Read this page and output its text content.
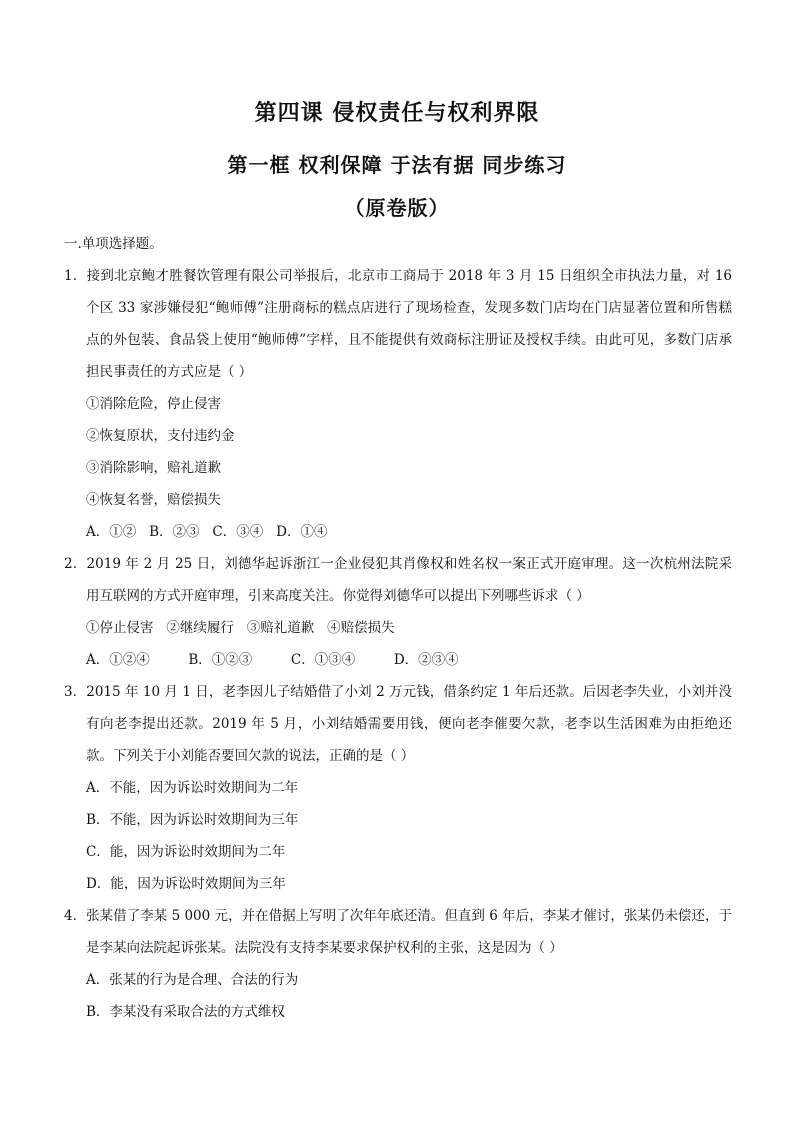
第四课 侵权责任与权利界限
第一框 权利保障 于法有据 同步练习
（原卷版）

一.单项选择题。

1．接到北京鲍才胜餐饮管理有限公司举报后，北京市工商局于 2018 年 3 月 15 日组织全市执法力量，对 16 个区 33 家涉嫌侵犯“鲍师傅”注册商标的糕点店进行了现场检查，发现多数门店均在门店显著位置和所售糕点的外包装、食品袋上使用“鲍师傅”字样，且不能提供有效商标注册证及授权手续。由此可见，多数门店承担民事责任的方式应是（ ）

①消除危险，停止侵害

②恢复原状，支付违约金

③消除影响，赔礼道歉

④恢复名誉，赔偿损失

A．①②   B．②③   C．③④   D．①④

2．2019 年 2 月 25 日，刘德华起诉浙江一企业侵犯其肖像权和姓名权一案正式开庭审理。这一次杭州法院采用互联网的方式开庭审理，引来高度关注。你觉得刘德华可以提出下列哪些诉求（ ）

①停止侵害   ②继续履行   ③赔礼道歉   ④赔偿损失

A．①②④         B．①②③         C．①③④         D．②③④

3．2015 年 10 月 1 日，老李因儿子结婚借了小刘 2 万元钱，借条约定 1 年后还款。后因老李失业，小刘并没有向老李提出还款。2019 年 5 月，小刘结婚需要用钱，便向老李催要欠款，老李以生活困难为由拒绝还款。下列关于小刘能否要回欠款的说法，正确的是（ ）

A．不能，因为诉讼时效期间为二年

B．不能，因为诉讼时效期间为三年

C．能，因为诉讼时效期间为二年

D．能，因为诉讼时效期间为三年

4．张某借了李某 5 000 元，并在借据上写明了次年年底还清。但直到 6 年后，李某才催讨，张某仍未偿还，于是李某向法院起诉张某。法院没有支持李某要求保护权利的主张，这是因为（ ）

A．张某的行为是合理、合法的行为

B．李某没有采取合法的方式维权
